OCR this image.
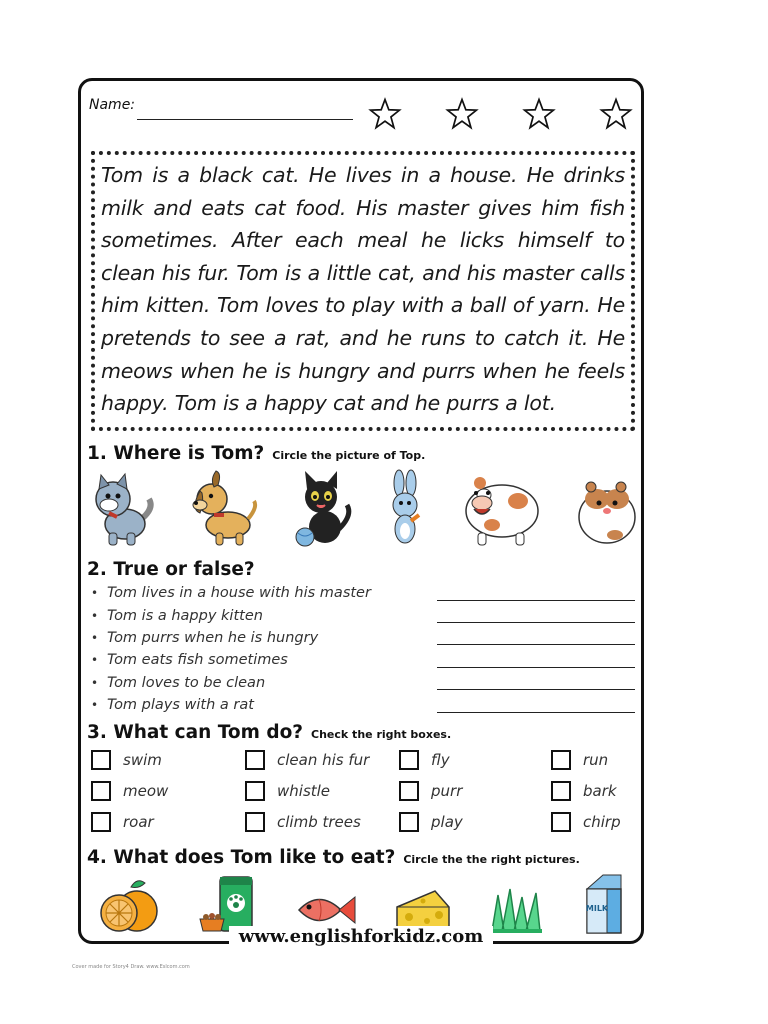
Name:

Tom is a black cat. He lives in a house. He drinks milk and eats cat food. His master gives him fish sometimes. After each meal he licks himself to clean his fur. Tom is a little cat, and his master calls him kitten. Tom loves to play with a ball of yarn. He pretends to see a rat, and he runs to catch it. He meows when he is hungry and purrs when he feels happy. Tom is a happy cat and he purrs a lot.

1. Where is Tom? Circle the picture of Top.
2. True or false?
• Tom lives in a house with his master
• Tom is a happy kitten
• Tom purrs when he is hungry
• Tom eats fish sometimes
• Tom loves to be clean
• Tom plays with a rat
3. What can Tom do? Check the right boxes.
swim	clean his fur	fly	run
meow	whistle	purr	bark
roar	climb trees	play	chirp
4. What does Tom like to eat? Circle the the right pictures.
MILK
www.englishforkidz.com
Cover made for Story4 Draw. www.Eslcom.com
